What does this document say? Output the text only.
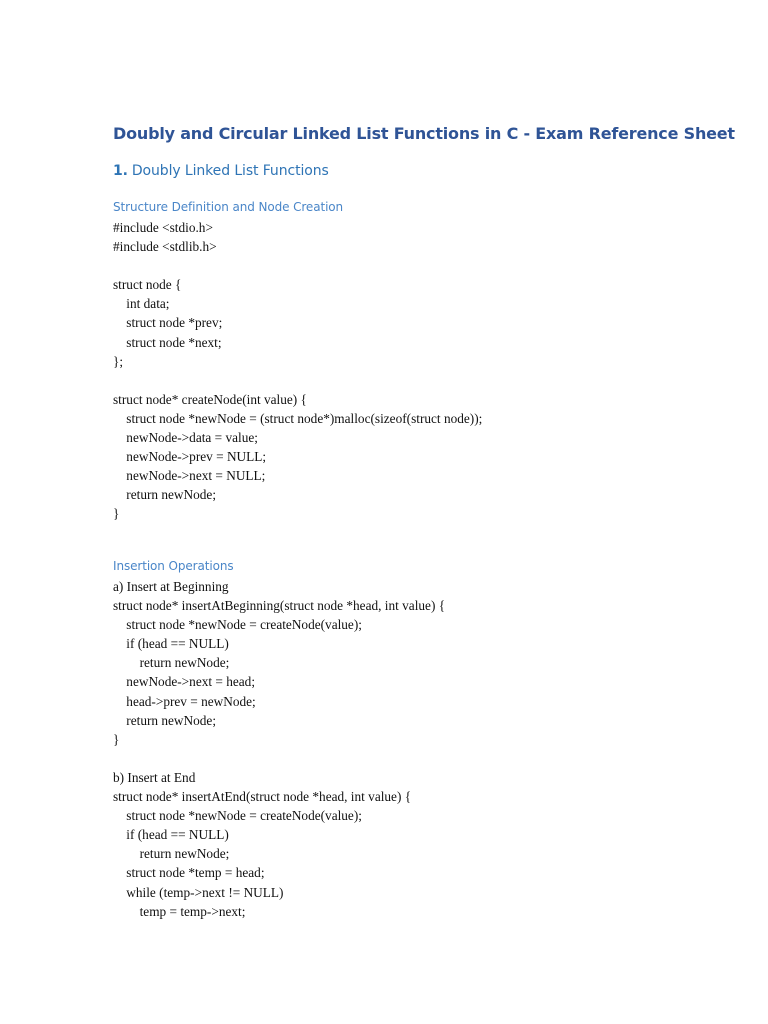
Doubly and Circular Linked List Functions in C - Exam Reference Sheet
1. Doubly Linked List Functions
Structure Definition and Node Creation
#include <stdio.h>
#include <stdlib.h>

struct node {
int data;
struct node *prev;
struct node *next;
};

struct node* createNode(int value) {
struct node *newNode = (struct node*)malloc(sizeof(struct node));
newNode->data = value;
newNode->prev = NULL;
newNode->next = NULL;
return newNode;
}
Insertion Operations
a) Insert at Beginning
struct node* insertAtBeginning(struct node *head, int value) {
struct node *newNode = createNode(value);
if (head == NULL)
return newNode;
newNode->next = head;
head->prev = newNode;
return newNode;
}

b) Insert at End
struct node* insertAtEnd(struct node *head, int value) {
struct node *newNode = createNode(value);
if (head == NULL)
return newNode;
struct node *temp = head;
while (temp->next != NULL)
temp = temp->next;
